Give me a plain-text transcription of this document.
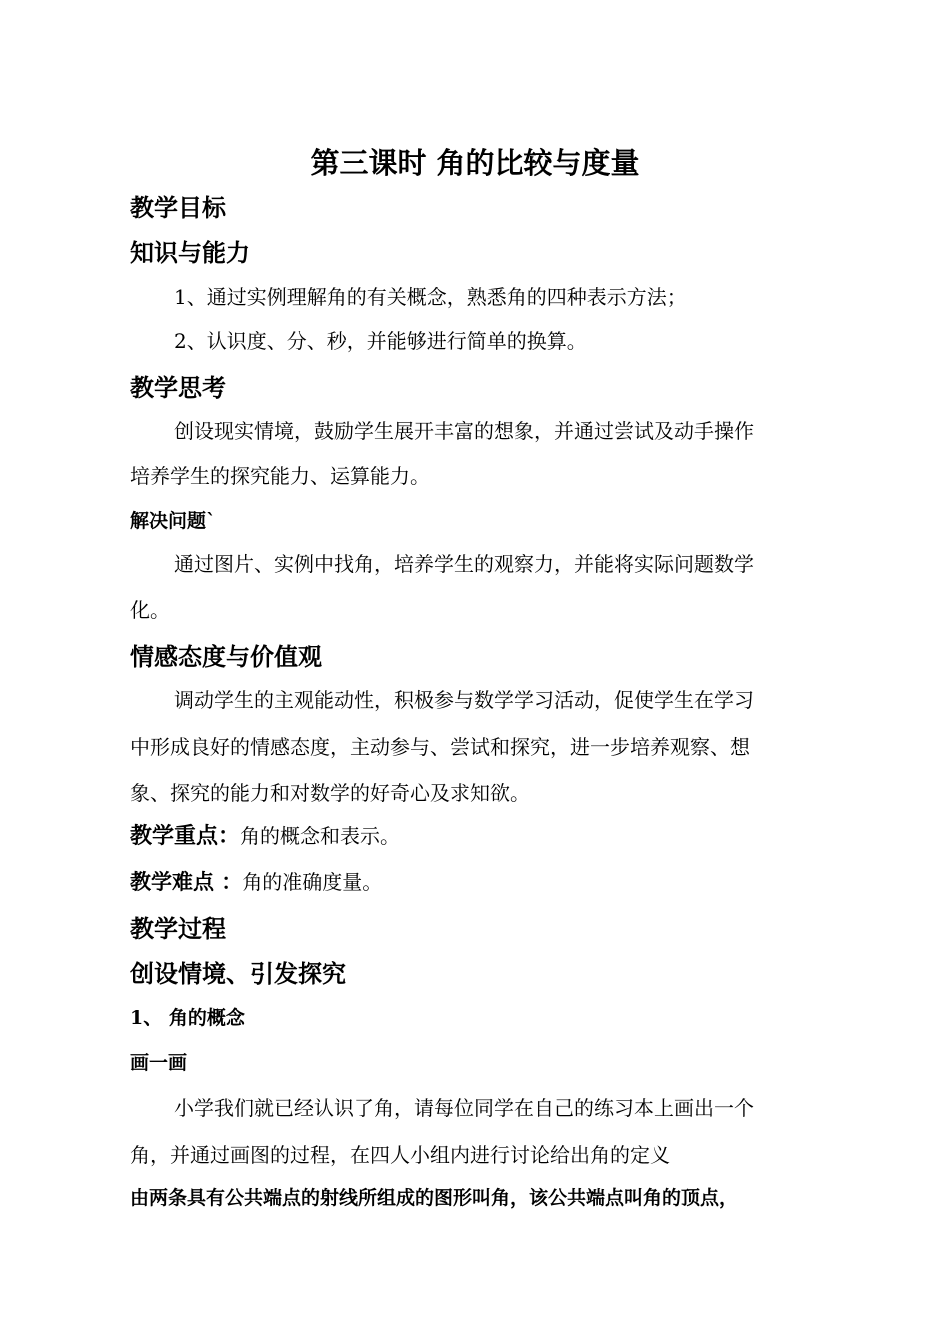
第三课时 角的比较与度量
教学目标
知识与能力
1、通过实例理解角的有关概念，熟悉角的四种表示方法；
2、认识度、分、秒，并能够进行简单的换算。
教学思考
创设现实情境，鼓励学生展开丰富的想象，并通过尝试及动手操作
培养学生的探究能力、运算能力。
解决问题`
通过图片、实例中找角，培养学生的观察力，并能将实际问题数学
化。
情感态度与价值观
调动学生的主观能动性，积极参与数学学习活动，促使学生在学习
中形成良好的情感态度，主动参与、尝试和探究，进一步培养观察、想
象、探究的能力和对数学的好奇心及求知欲。
教学重点：角的概念和表示。
教学难点 ：角的准确度量。
教学过程
创设情境、引发探究
1、 角的概念
画一画
小学我们就已经认识了角，请每位同学在自己的练习本上画出一个
角，并通过画图的过程，在四人小组内进行讨论给出角的定义
由两条具有公共端点的射线所组成的图形叫角，该公共端点叫角的顶点，
